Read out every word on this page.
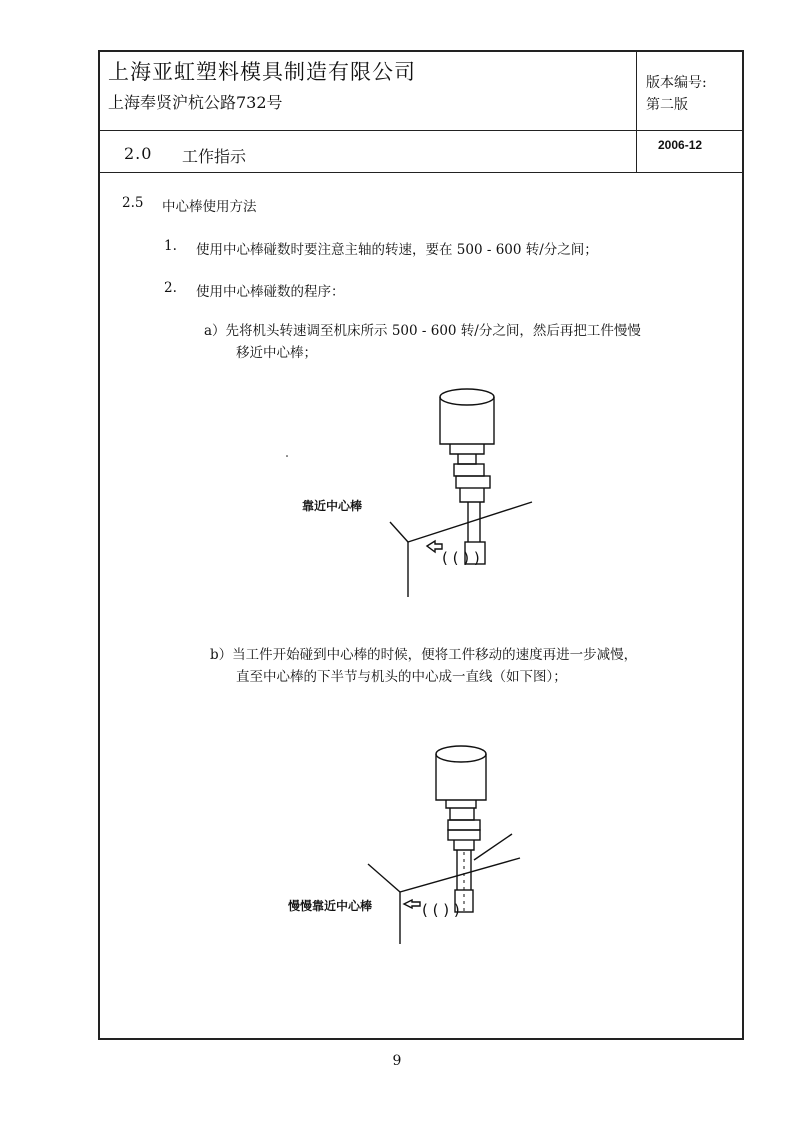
上海亚虹塑料模具制造有限公司
上海奉贤沪杭公路732号
版本编号:
第二版
2.0 工作指示
2006-12
2.5 中心棒使用方法
1. 使用中心棒碰数时要注意主轴的转速，要在 500 - 600 转/分之间；
2. 使用中心棒碰数的程序：
a）先将机头转速调至机床所示 500 - 600 转/分之间，然后再把工件慢慢
移近中心棒；
b）当工件开始碰到中心棒的时候，便将工件移动的速度再进一步减慢，
直至中心棒的下半节与机头的中心成一直线（如下图）；
靠近中心棒
( ( ) )
慢慢靠近中心棒	( ( ) )
9
